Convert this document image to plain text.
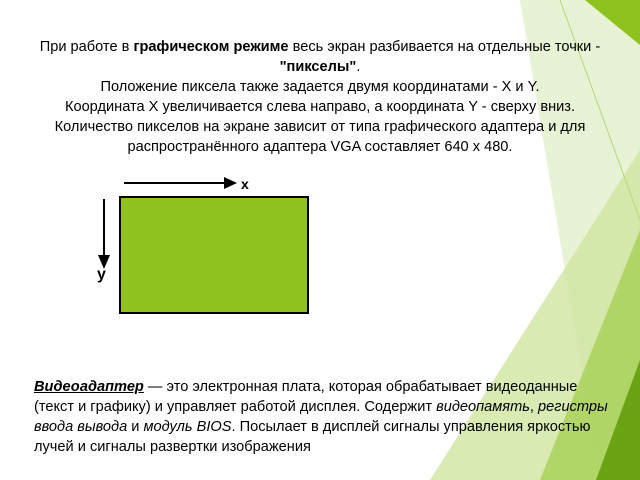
При работе в графическом режиме весь экран разбивается на отдельные точки - "пикселы".

Положение пиксела также задается двумя координатами - X и Y.

Координата X увеличивается слева направо, а координата Y - сверху вниз. Количество пикселов на экране зависит от типа графического адаптера и для распространённого адаптера VGA составляет 640 х 480.

x
y

Видеоадаптер — это электронная плата, которая обрабатывает видеоданные (текст и графику) и управляет работой дисплея. Содержит видеопамять, регистры ввода вывода и модуль BIOS. Посылает в дисплей сигналы управления яркостью лучей и сигналы развертки изображения
